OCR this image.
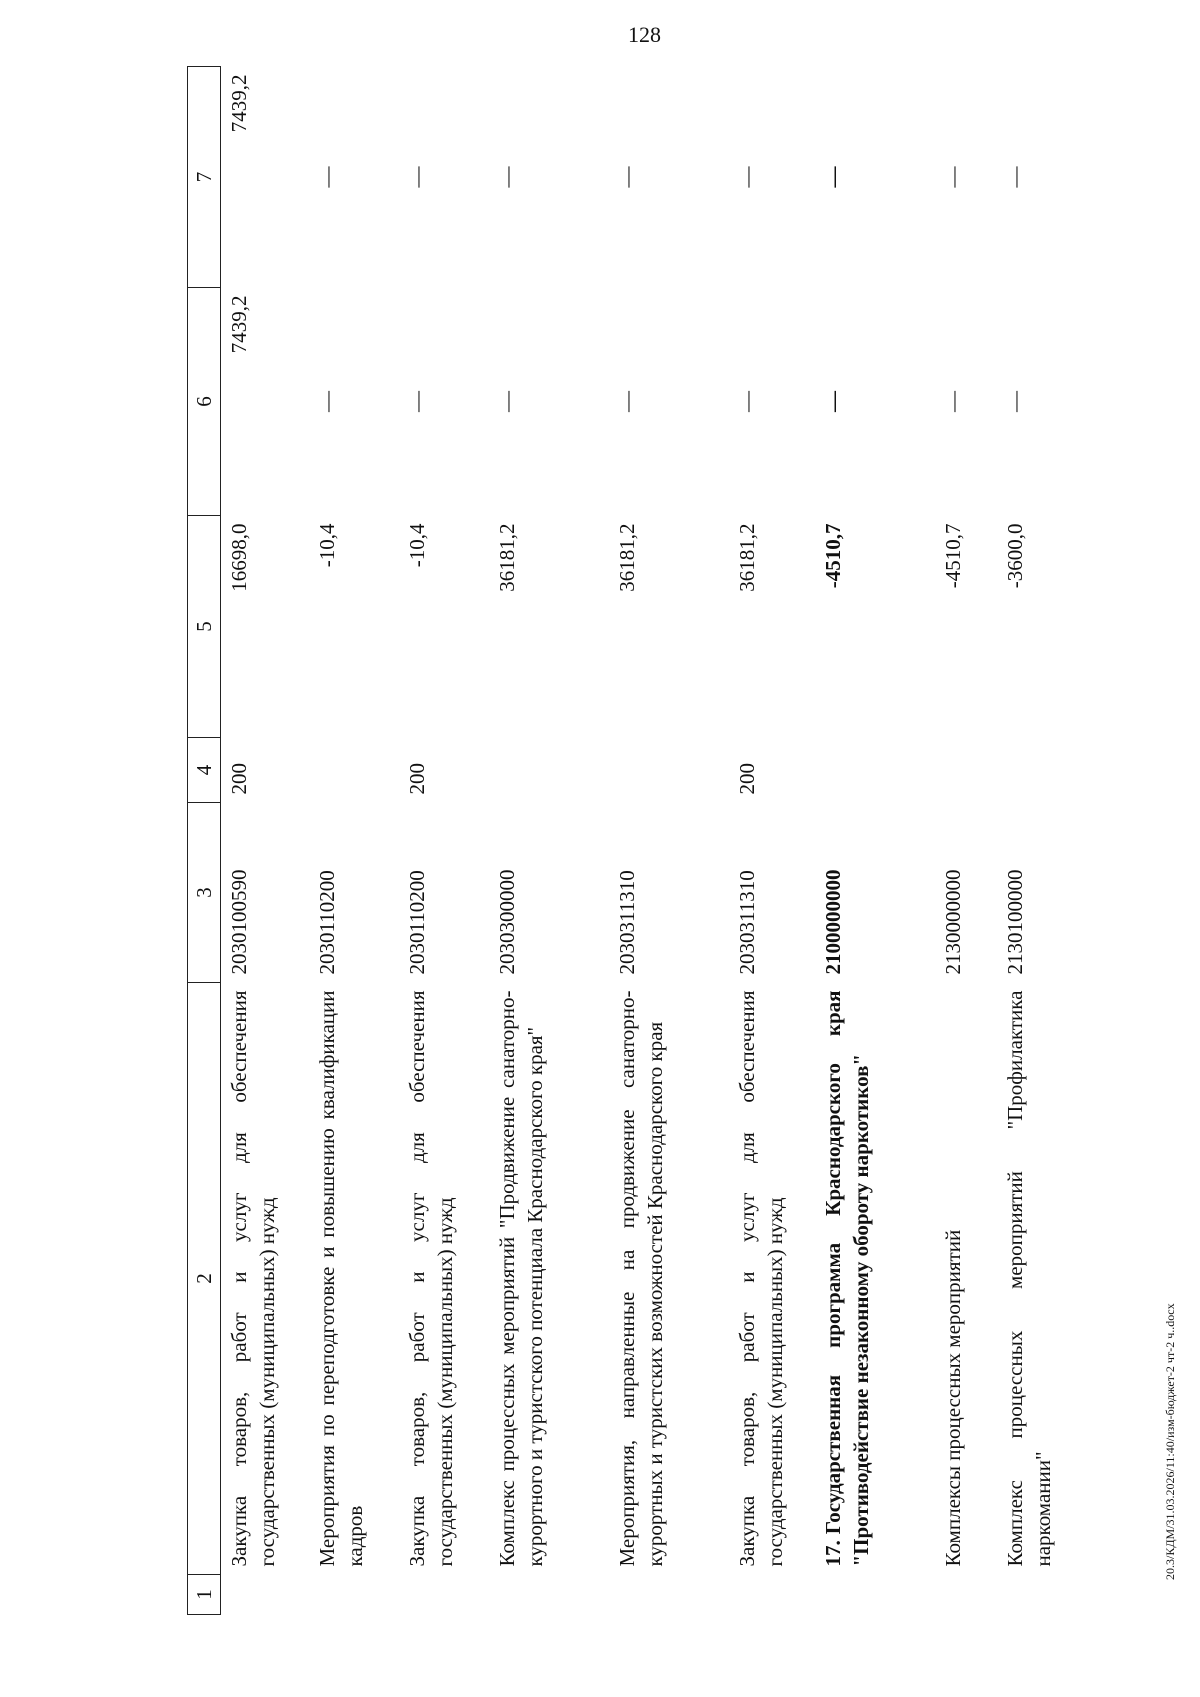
128
20.3/КДМ/31.03.2026/11:40/изм-бюджет-2 чт-2 ч..docx
1	2	3	4	5	6	7
	Закупка товаров, работ и услуг для обеспечения государственных (муниципальных) нужд	2030100590	200	16698,0	7439,2	7439,2
	Мероприятия по переподготовке и повышению квалификации кадров	2030110200		-10,4	—	—
	Закупка товаров, работ и услуг для обеспечения государственных (муниципальных) нужд	2030110200	200	-10,4	—	—
	Комплекс процессных мероприятий "Продвижение санаторно-курортного и туристского потенциала Краснодарского края"	2030300000		36181,2	—	—
	Мероприятия, направленные на продвижение санаторно-курортных и туристских возможностей Краснодарского края	2030311310		36181,2	—	—
	Закупка товаров, работ и услуг для обеспечения государственных (муниципальных) нужд	2030311310	200	36181,2	—	—
	17.Государственная программа Краснодарского края "Противодействие незаконному обороту наркотиков"	2100000000		-4510,7	—	—
	Комплексы процессных мероприятий	2130000000		-4510,7	—	—
	Комплекс процессных мероприятий "Профилактика наркомании"	2130100000		-3600,0	—	—
